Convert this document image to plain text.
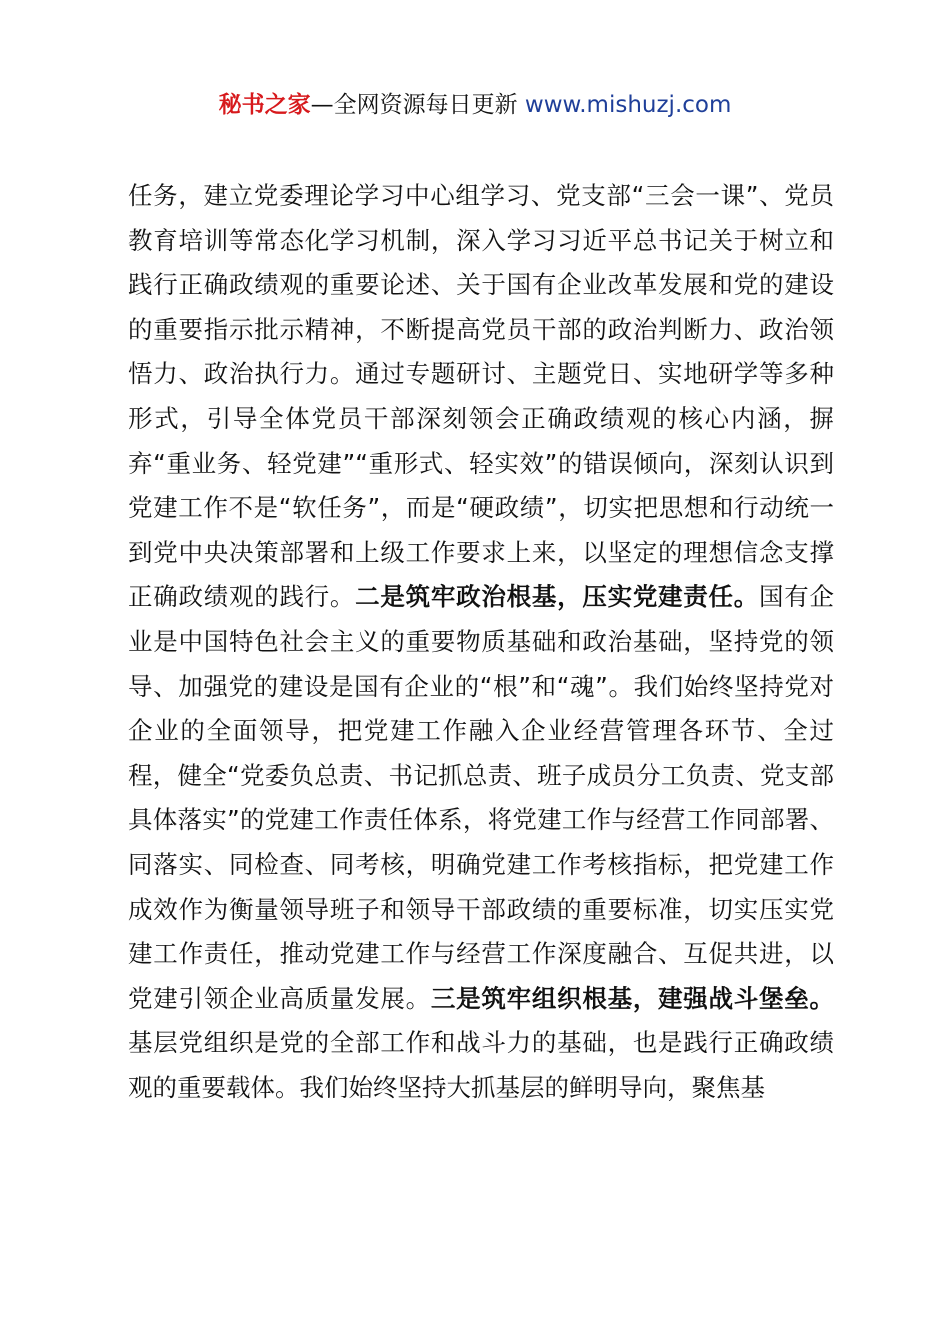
秘书之家—全网资源每日更新 www.mishuzj.com

任务，建立党委理论学习中心组学习、党支部“三会一课”、党员教育培训等常态化学习机制，深入学习习近平总书记关于树立和践行正确政绩观的重要论述、关于国有企业改革发展和党的建设的重要指示批示精神，不断提高党员干部的政治判断力、政治领悟力、政治执行力。通过专题研讨、主题党日、实地研学等多种形式，引导全体党员干部深刻领会正确政绩观的核心内涵，摒弃“重业务、轻党建”“重形式、轻实效”的错误倾向，深刻认识到党建工作不是“软任务”，而是“硬政绩”，切实把思想和行动统一到党中央决策部署和上级工作要求上来，以坚定的理想信念支撑正确政绩观的践行。二是筑牢政治根基，压实党建责任。国有企业是中国特色社会主义的重要物质基础和政治基础，坚持党的领导、加强党的建设是国有企业的“根”和“魂”。我们始终坚持党对企业的全面领导，把党建工作融入企业经营管理各环节、全过程，健全“党委负总责、书记抓总责、班子成员分工负责、党支部具体落实”的党建工作责任体系，将党建工作与经营工作同部署、同落实、同检查、同考核，明确党建工作考核指标，把党建工作成效作为衡量领导班子和领导干部政绩的重要标准，切实压实党建工作责任，推动党建工作与经营工作深度融合、互促共进，以党建引领企业高质量发展。三是筑牢组织根基，建强战斗堡垒。基层党组织是党的全部工作和战斗力的基础，也是践行正确政绩观的重要载体。我们始终坚持大抓基层的鲜明导向，聚焦基
